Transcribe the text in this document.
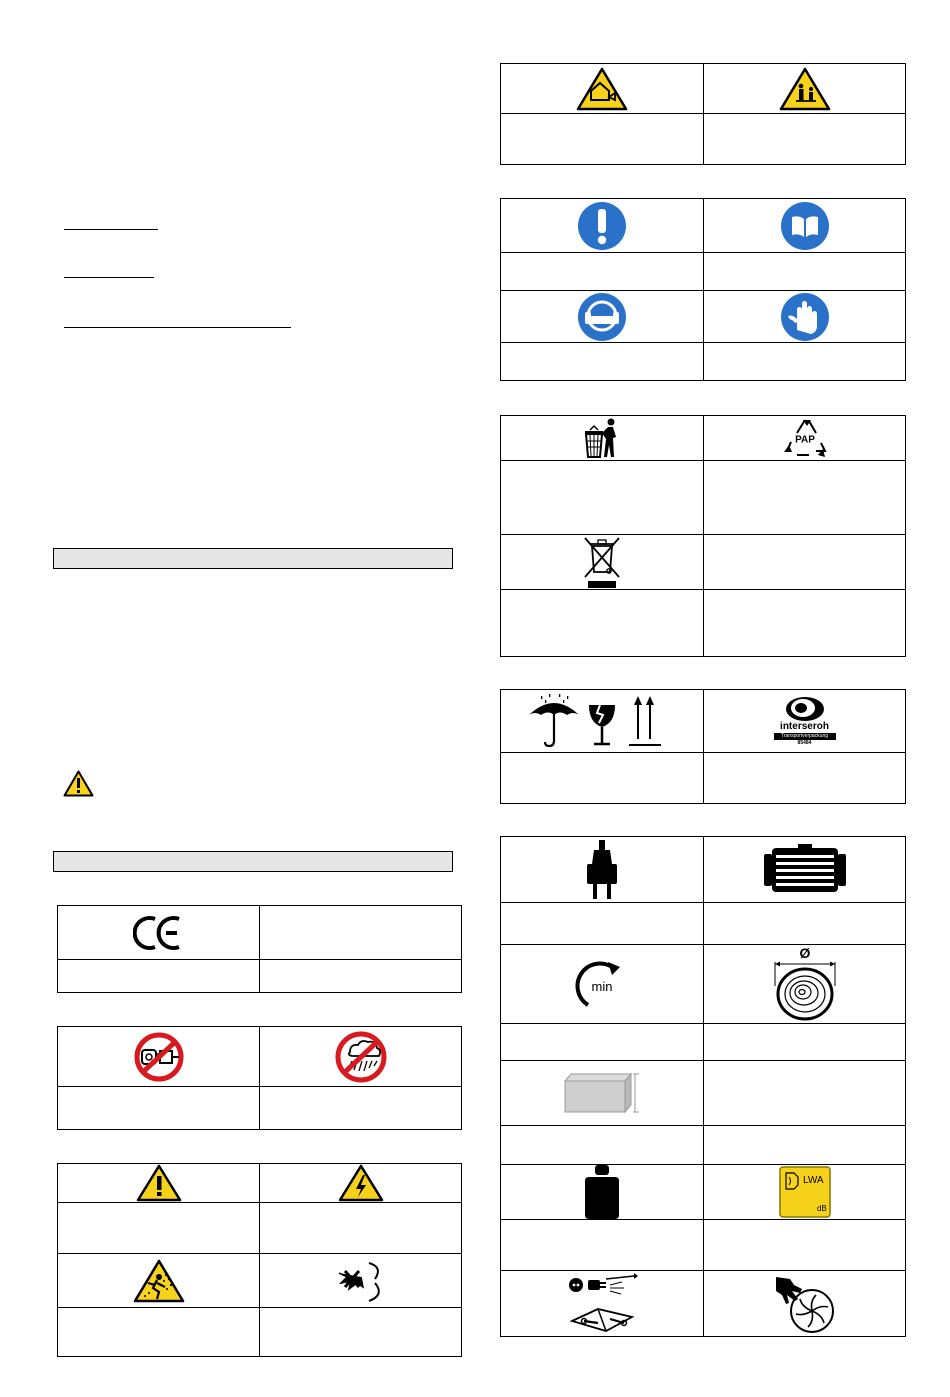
PAP

interseroh
Transportverpackung
85484

min	Ø

LWA
dB
